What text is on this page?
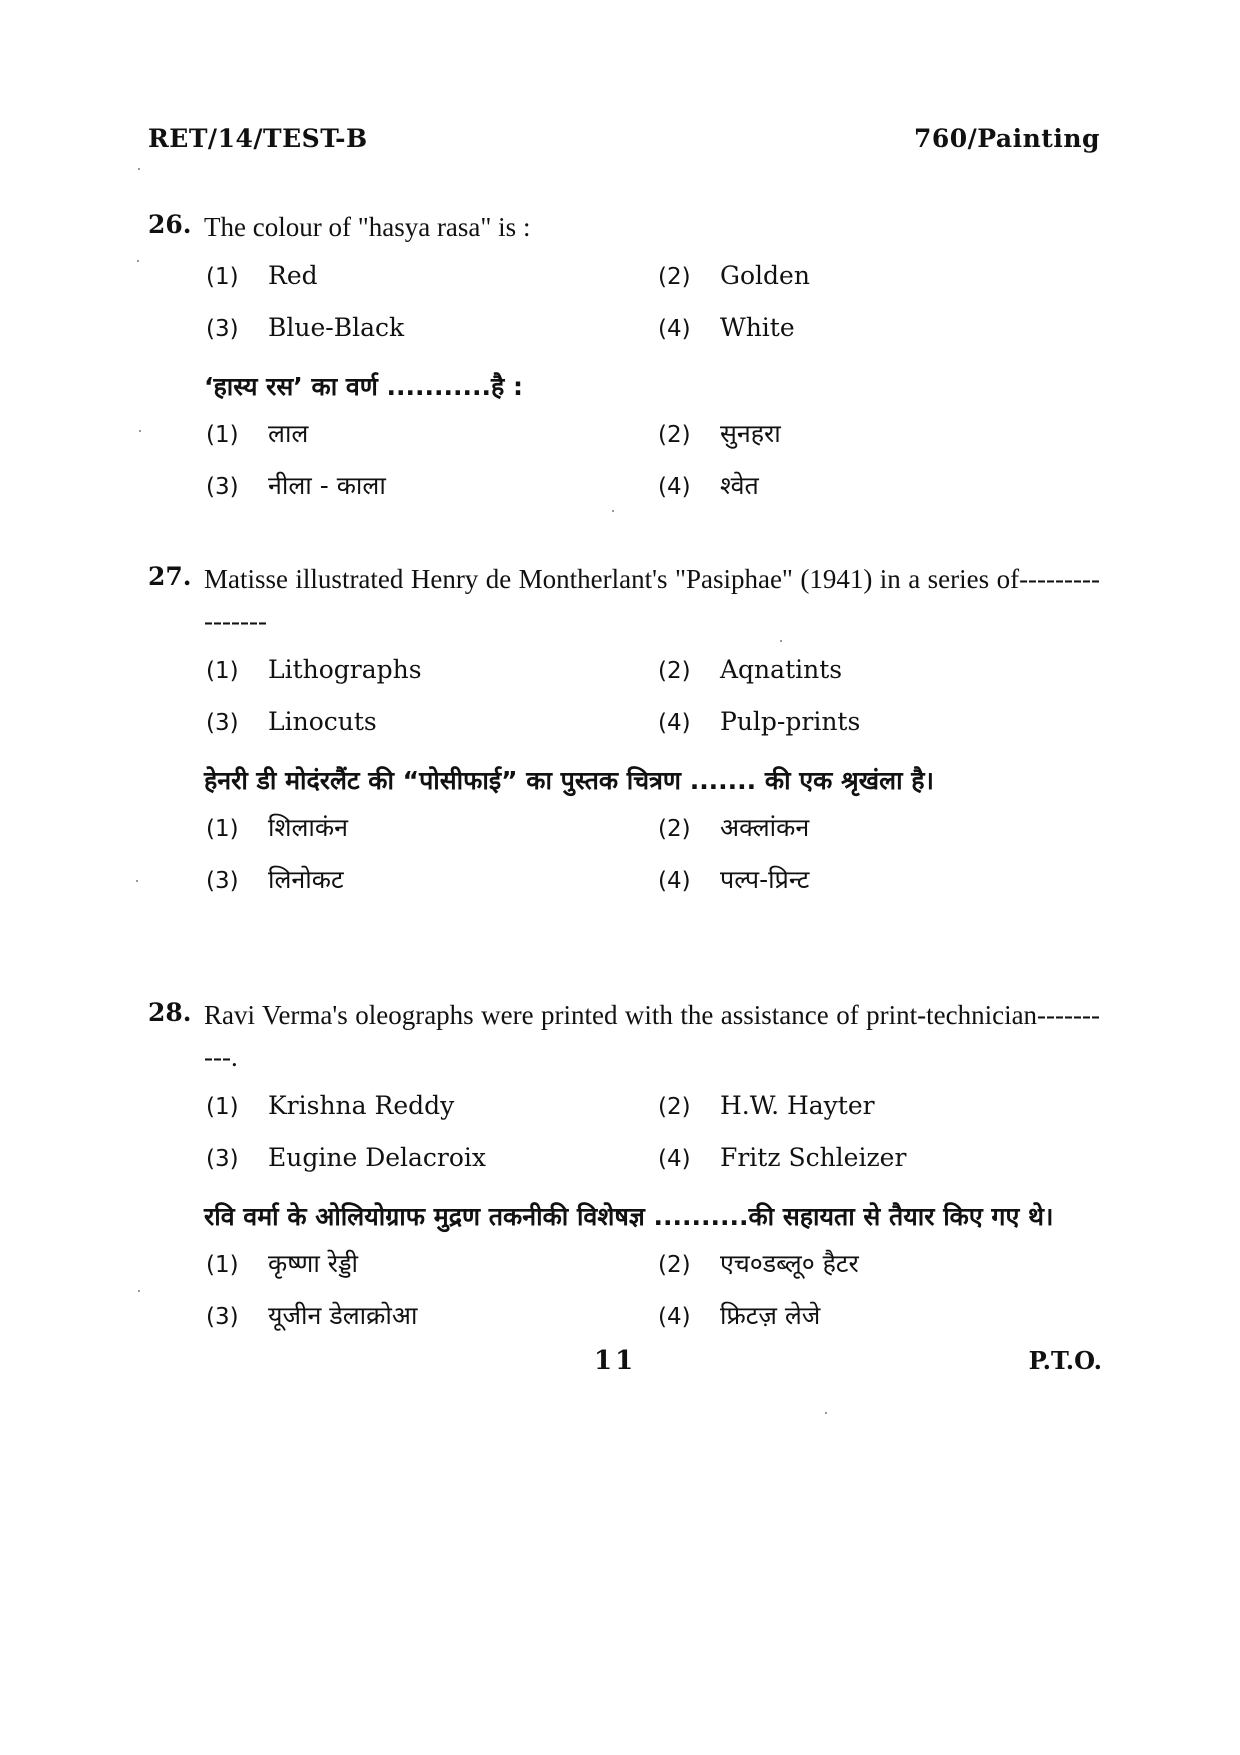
RET/14/TEST-B	760/Painting
26. The colour of "hasya rasa" is :
(1) Red	(2) Golden
(3) Blue-Black	(4) White
‘हास्य रस’ का वर्ण ...........है :
(1) लाल	(2) सुनहरा
(3) नीला - काला	(4) श्वेत
27. Matisse illustrated Henry de Montherlant's "Pasiphae" (1941) in a series of----------------
(1) Lithographs	(2) Aqnatints
(3) Linocuts	(4) Pulp-prints
हेनरी डी मोदंरलैंट की “पोसीफाई” का पुस्तक चित्रण ....... की एक श्रृखंला है।
(1) शिलाकंन	(2) अक्लांकन
(3) लिनोकट	(4) पल्प-प्रिन्ट
28. Ravi Verma's oleographs were printed with the assistance of print-technician----------.
(1) Krishna Reddy	(2) H.W. Hayter
(3) Eugine Delacroix	(4) Fritz Schleizer
रवि वर्मा के ओलियोग्राफ मुद्रण तकनीकी विशेषज्ञ ..........की सहायता से तैयार किए गए थे।
(1) कृष्णा रेड्डी	(2) एच०डब्लू० हैटर
(3) यूजीन डेलाक्रोआ	(4) फ्रिटज़ लेजे
11	P.T.O.
